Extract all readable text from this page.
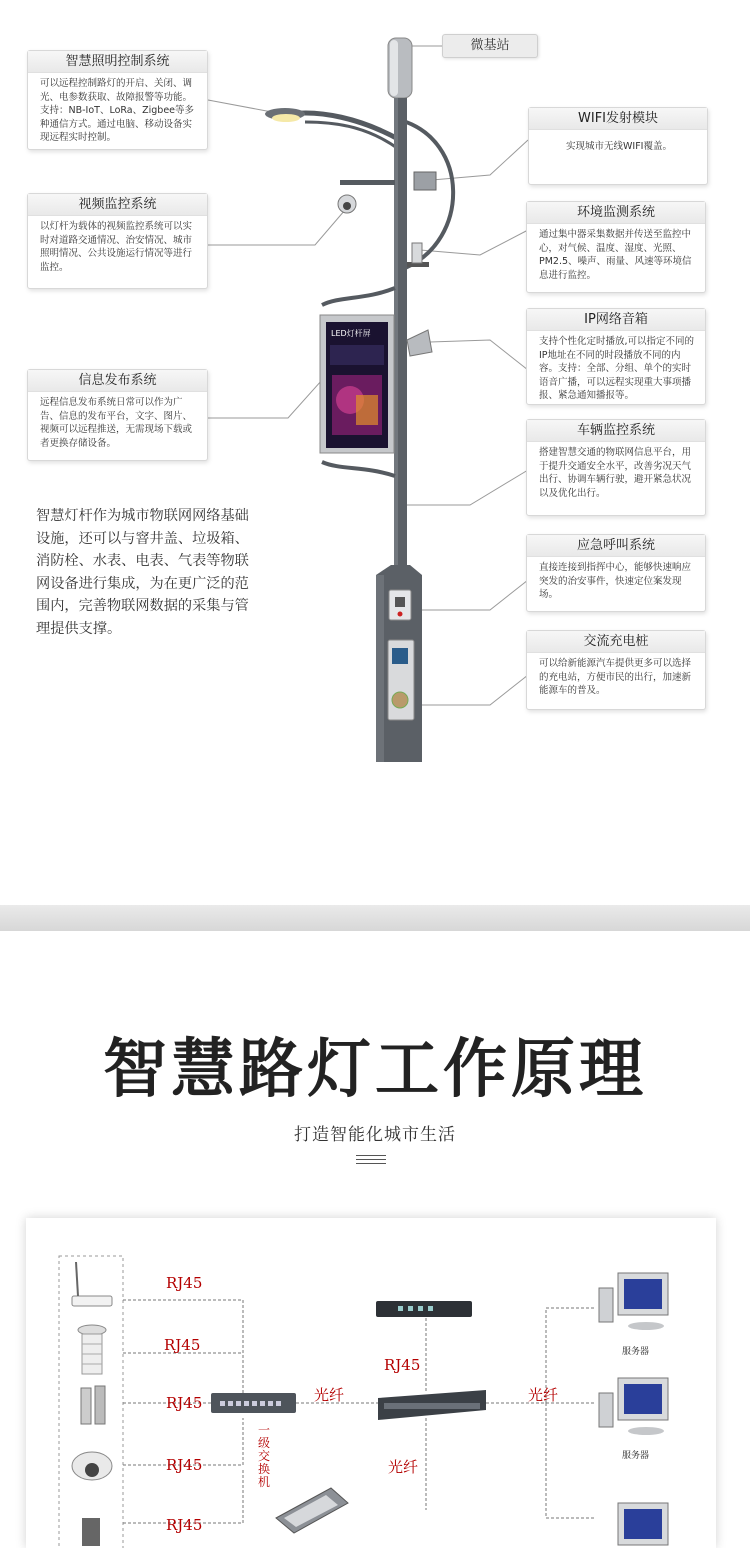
LED灯杆屏
微基站
智慧照明控制系统
可以远程控制路灯的开启、关闭、调光、电参数获取、故障报警等功能。支持：NB-IoT、LoRa、Zigbee等多种通信方式。通过电脑、移动设备实现远程实时控制。
视频监控系统
以灯杆为载体的视频监控系统可以实时对道路交通情况、治安情况、城市照明情况、公共设施运行情况等进行监控。
信息发布系统
远程信息发布系统日常可以作为广告、信息的发布平台，文字、图片、视频可以远程推送，无需现场下载或者更换存储设备。
WIFI发射模块
实现城市无线WIFI覆盖。
环境监测系统
通过集中器采集数据并传送至监控中心，对气候、温度、湿度、光照、PM2.5、噪声、雨量、风速等环境信息进行监控。
IP网络音箱
支持个性化定时播放,可以指定不同的IP地址在不同的时段播放不同的内容。支持：全部、分组、单个的实时语音广播，可以远程实现重大事项播报、紧急通知播报等。
车辆监控系统
搭建智慧交通的物联网信息平台，用于提升交通安全水平，改善劣况天气出行、协调车辆行驶，避开紧急状况以及优化出行。
应急呼叫系统
直接连接到指挥中心，能够快速响应突发的治安事件，快速定位案发现场。
交流充电桩
可以给新能源汽车提供更多可以选择的充电站，方便市民的出行，加速新能源车的普及。
智慧灯杆作为城市物联网网络基础设施，还可以与窨井盖、垃圾箱、消防栓、水表、电表、气表等物联网设备进行集成，为在更广泛的范围内，完善物联网数据的采集与管理提供支撑。
智慧路灯工作原理
打造智能化城市生活
RJ45
RJ45
RJ45
RJ45
RJ45
RJ45
光纤	光纤
光纤
一级交换机
服务器
服务器
